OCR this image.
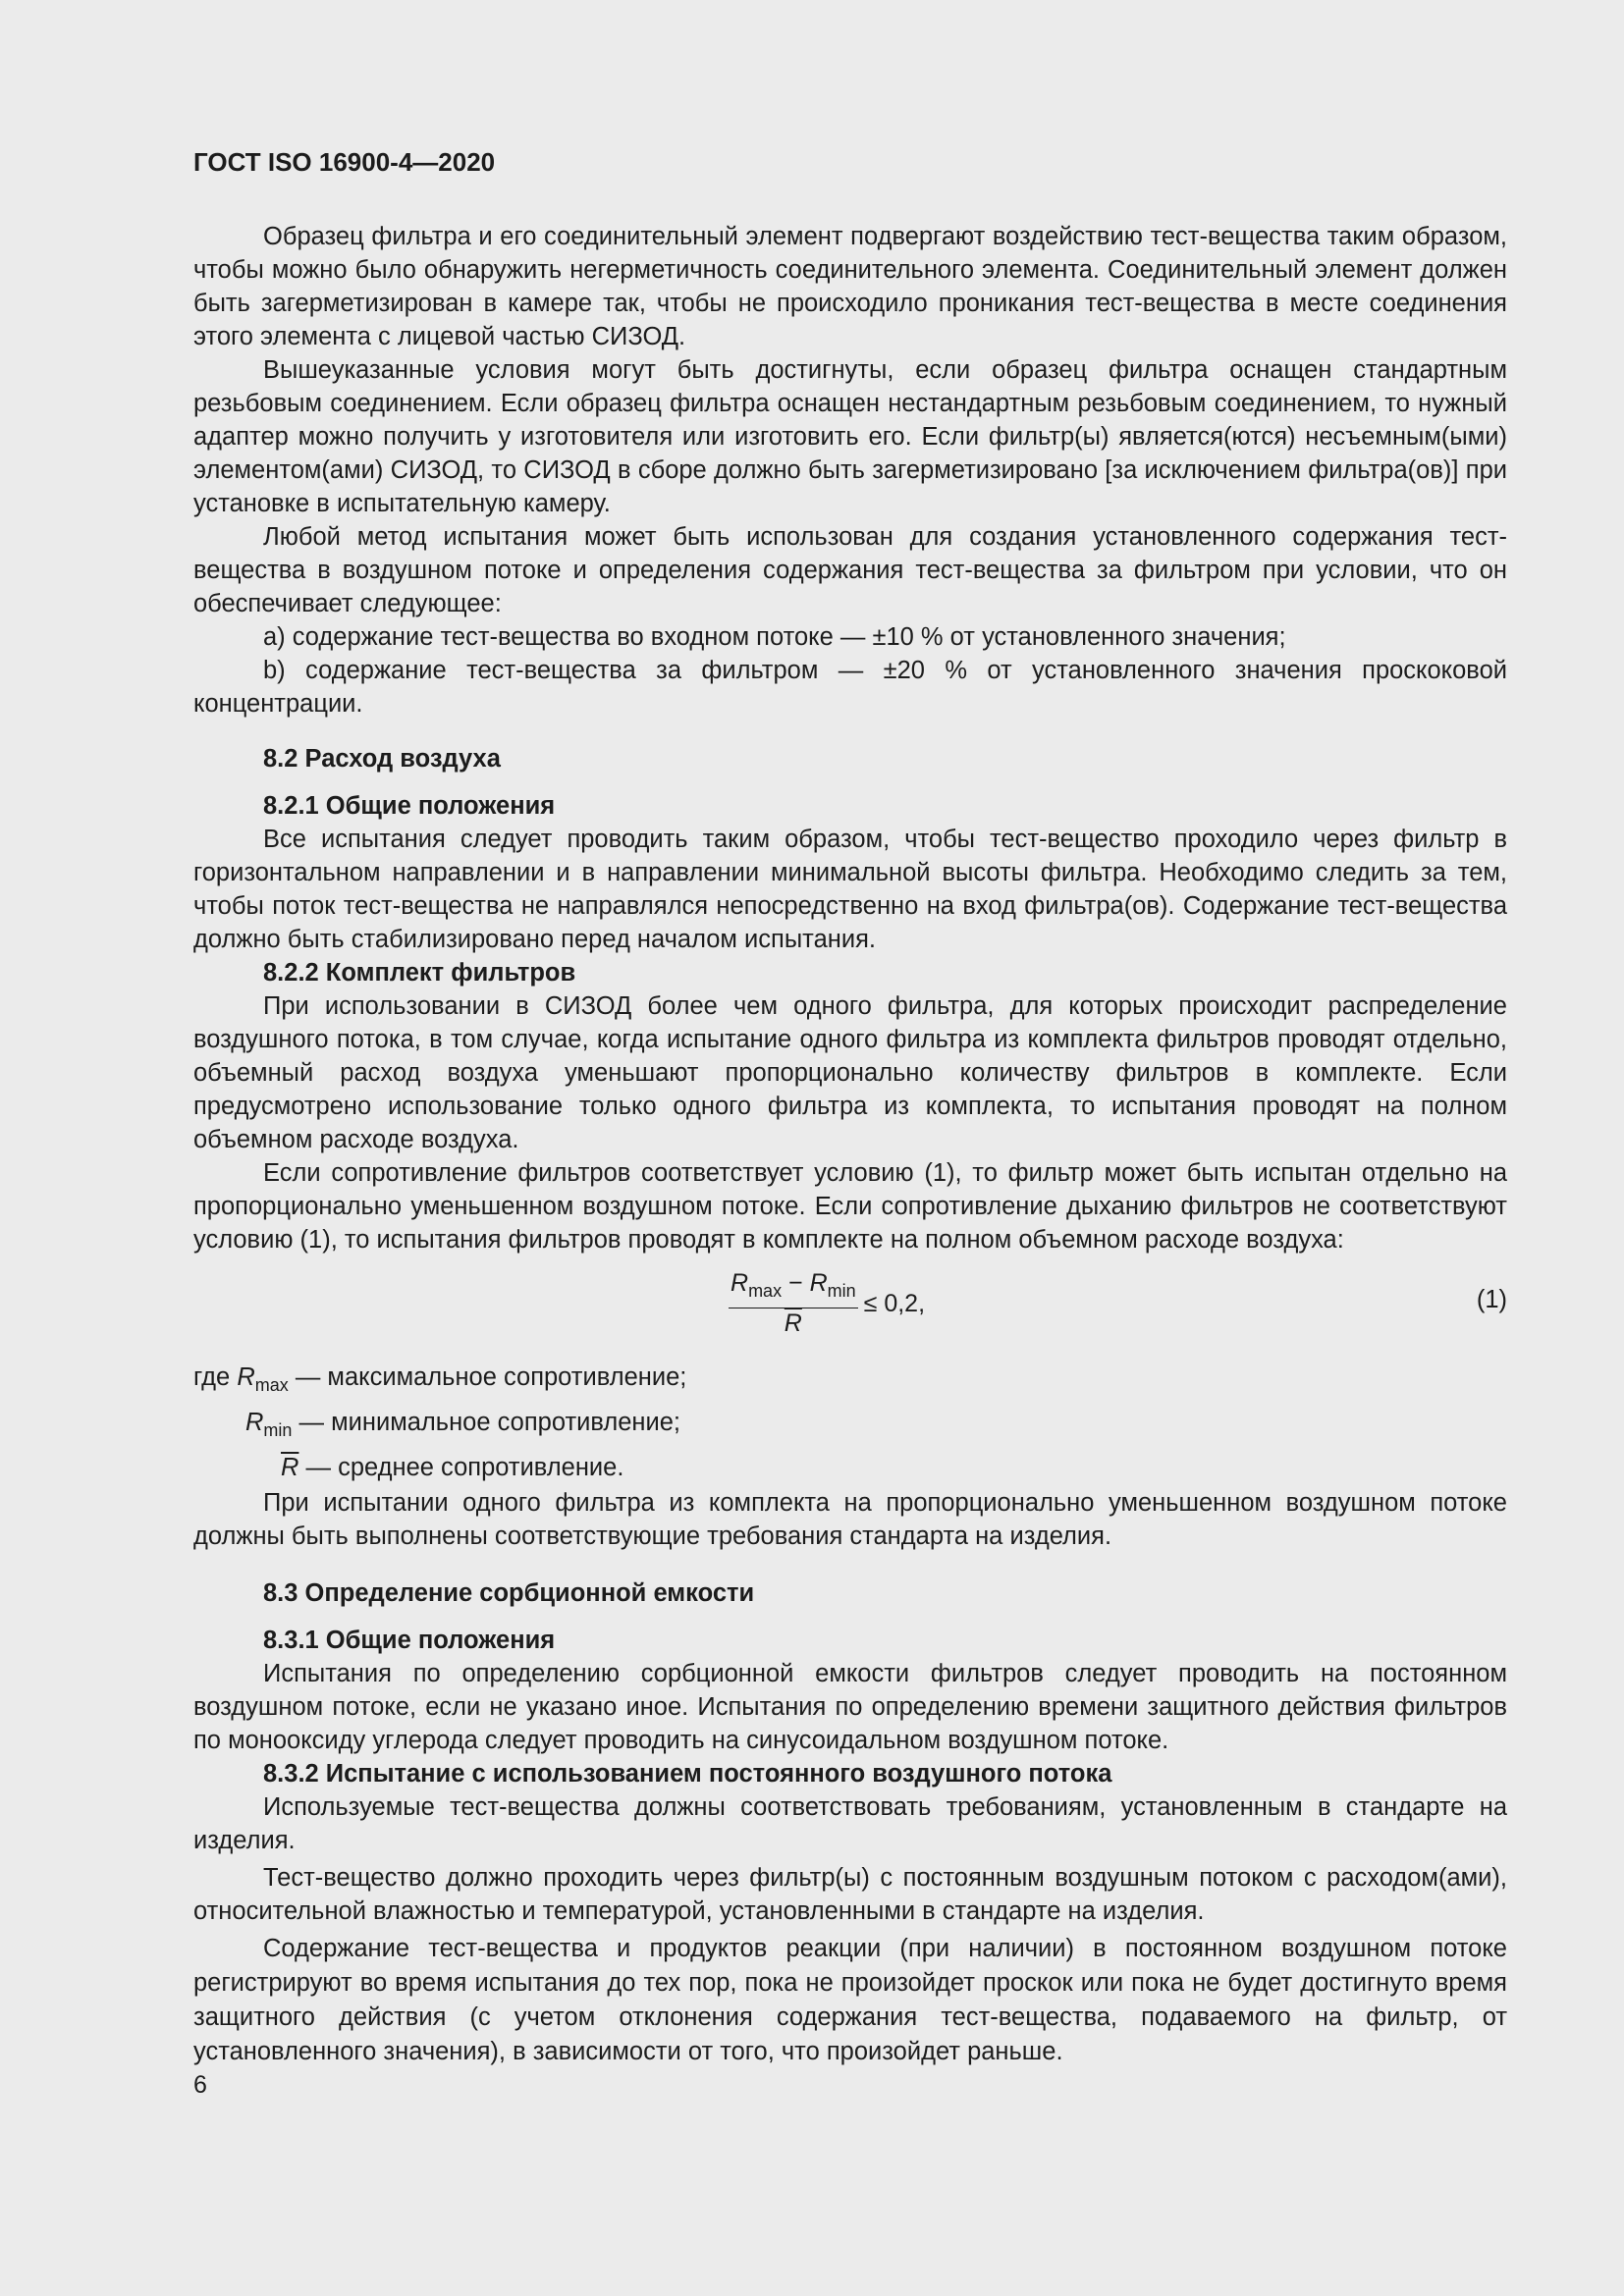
ГОСТ ISO 16900-4—2020

Образец фильтра и его соединительный элемент подвергают воздействию тест-вещества таким образом, чтобы можно было обнаружить негерметичность соединительного элемента. Соединительный элемент должен быть загерметизирован в камере так, чтобы не происходило проникания тест-вещества в месте соединения этого элемента с лицевой частью СИЗОД.

Вышеуказанные условия могут быть достигнуты, если образец фильтра оснащен стандартным резьбовым соединением. Если образец фильтра оснащен нестандартным резьбовым соединением, то нужный адаптер можно получить у изготовителя или изготовить его. Если фильтр(ы) является(ются) несъемным(ыми) элементом(ами) СИЗОД, то СИЗОД в сборе должно быть загерметизировано [за исключением фильтра(ов)] при установке в испытательную камеру.

Любой метод испытания может быть использован для создания установленного содержания тест-вещества в воздушном потоке и определения содержания тест-вещества за фильтром при условии, что он обеспечивает следующее:

a) содержание тест-вещества во входном потоке — ±10 % от установленного значения;

b) содержание тест-вещества за фильтром — ±20 % от установленного значения проскоковой концентрации.

8.2 Расход воздуха
8.2.1 Общие положения

Все испытания следует проводить таким образом, чтобы тест-вещество проходило через фильтр в горизонтальном направлении и в направлении минимальной высоты фильтра. Необходимо следить за тем, чтобы поток тест-вещества не направлялся непосредственно на вход фильтра(ов). Содержание тест-вещества должно быть стабилизировано перед началом испытания.

8.2.2 Комплект фильтров

При использовании в СИЗОД более чем одного фильтра, для которых происходит распределение воздушного потока, в том случае, когда испытание одного фильтра из комплекта фильтров проводят отдельно, объемный расход воздуха уменьшают пропорционально количеству фильтров в комплекте. Если предусмотрено использование только одного фильтра из комплекта, то испытания проводят на полном объемном расходе воздуха.

Если сопротивление фильтров соответствует условию (1), то фильтр может быть испытан отдельно на пропорционально уменьшенном воздушном потоке. Если сопротивление дыханию фильтров не соответствуют условию (1), то испытания фильтров проводят в комплекте на полном объемном расходе воздуха:

$\frac{R_{max} - R_{min}}{R} \le 0,2$,	(1)
где $R_{max}$ — максимальное сопротивление;
$R_{min}$ — минимальное сопротивление;
$\overline{R}$ — среднее сопротивление.

При испытании одного фильтра из комплекта на пропорционально уменьшенном воздушном потоке должны быть выполнены соответствующие требования стандарта на изделия.

8.3 Определение сорбционной емкости
8.3.1 Общие положения

Испытания по определению сорбционной емкости фильтров следует проводить на постоянном воздушном потоке, если не указано иное. Испытания по определению времени защитного действия фильтров по монооксиду углерода следует проводить на синусоидальном воздушном потоке.

8.3.2 Испытание с использованием постоянного воздушного потока

Используемые тест-вещества должны соответствовать требованиям, установленным в стандарте на изделия.

Тест-вещество должно проходить через фильтр(ы) с постоянным воздушным потоком с расходом(ами), относительной влажностью и температурой, установленными в стандарте на изделия.

Содержание тест-вещества и продуктов реакции (при наличии) в постоянном воздушном потоке регистрируют во время испытания до тех пор, пока не произойдет проскок или пока не будет достигнуто время защитного действия (с учетом отклонения содержания тест-вещества, подаваемого на фильтр, от установленного значения), в зависимости от того, что произойдет раньше.

6
